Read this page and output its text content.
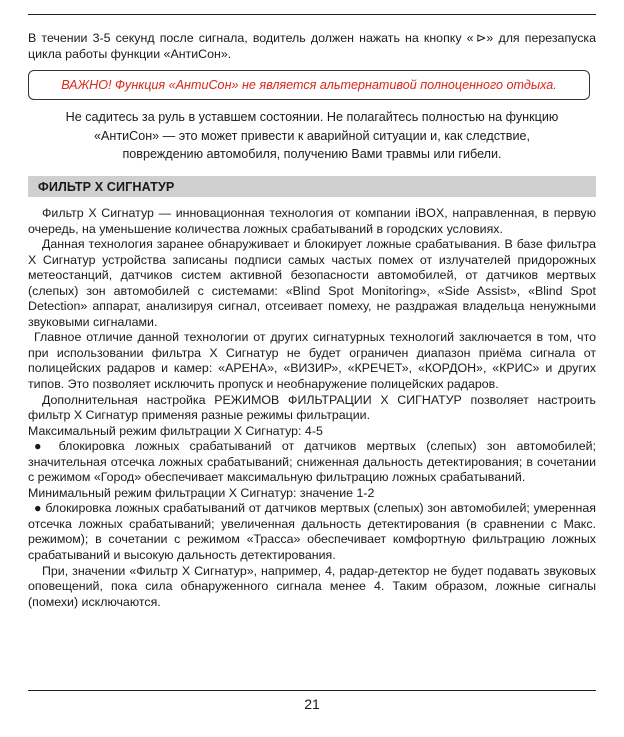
В течении 3-5 секунд после сигнала, водитель должен нажать на кнопку « ⊳» для перезапуска цикла работы функции «АнтиСон».

ВАЖНО! Функция «АнтиСон» не является альтернативой полноценного отдыха.
Не садитесь за руль в уставшем состоянии. Не полагайтесь полностью на функцию
«АнтиСон» — это может привести к аварийной ситуации и, как следствие,
повреждению автомобиля, получению Вами травмы или гибели.
ФИЛЬТР Х СИГНАТУР

Фильтр Х Сигнатур — инновационная технология от компании iBOX, направленная, в первую очередь, на уменьшение количества ложных срабатываний в городских условиях.

Данная технология заранее обнаруживает и блокирует ложные срабатывания. В базе фильтра Х Сигнатур устройства записаны подписи самых частых помех от излучателей придорожных метеостанций, датчиков систем активной безопасности автомобилей, от датчиков мертвых (слепых) зон автомобилей с системами: «Blind Spot Monitoring», «Side Assist», «Blind Spot Detection» аппарат, анализируя сигнал, отсеивает помеху, не раздражая владельца ненужными звуковыми сигналами.

Главное отличие данной технологии от других сигнатурных технологий заключается в том, что при использовании фильтра Х Сигнатур не будет ограничен диапазон приёма сигнала от полицейских радаров и камер: «АРЕНА», «ВИЗИР», «КРЕЧЕТ», «КОРДОН», «КРИС» и других типов. Это позволяет исключить пропуск и необнаружение полицейских радаров.

Дополнительная настройка РЕЖИМОВ ФИЛЬТРАЦИИ Х СИГНАТУР позволяет настроить фильтр Х Сигнатур применяя разные режимы фильтрации.

Максимальный режим фильтрации Х Сигнатур: 4-5

● блокировка ложных срабатываний от датчиков мертвых (слепых) зон автомобилей; значительная отсечка ложных срабатываний; сниженная дальность детектирования; в сочетании с режимом «Город» обеспечивает максимальную фильтрацию ложных срабатываний.

Минимальный режим фильтрации Х Сигнатур: значение 1-2

● блокировка ложных срабатываний от датчиков мертвых (слепых) зон автомобилей; умеренная отсечка ложных срабатываний; увеличенная дальность детектирования (в сравнении с Макс. режимом); в сочетании с режимом «Трасса» обеспечивает комфортную фильтрацию ложных срабатываний и высокую дальность детектирования.

При, значении «Фильтр Х Сигнатур», например, 4, радар-детектор не будет подавать звуковых оповещений, пока сила обнаруженного сигнала менее 4. Таким образом, ложные сигналы (помехи) исключаются.

21
